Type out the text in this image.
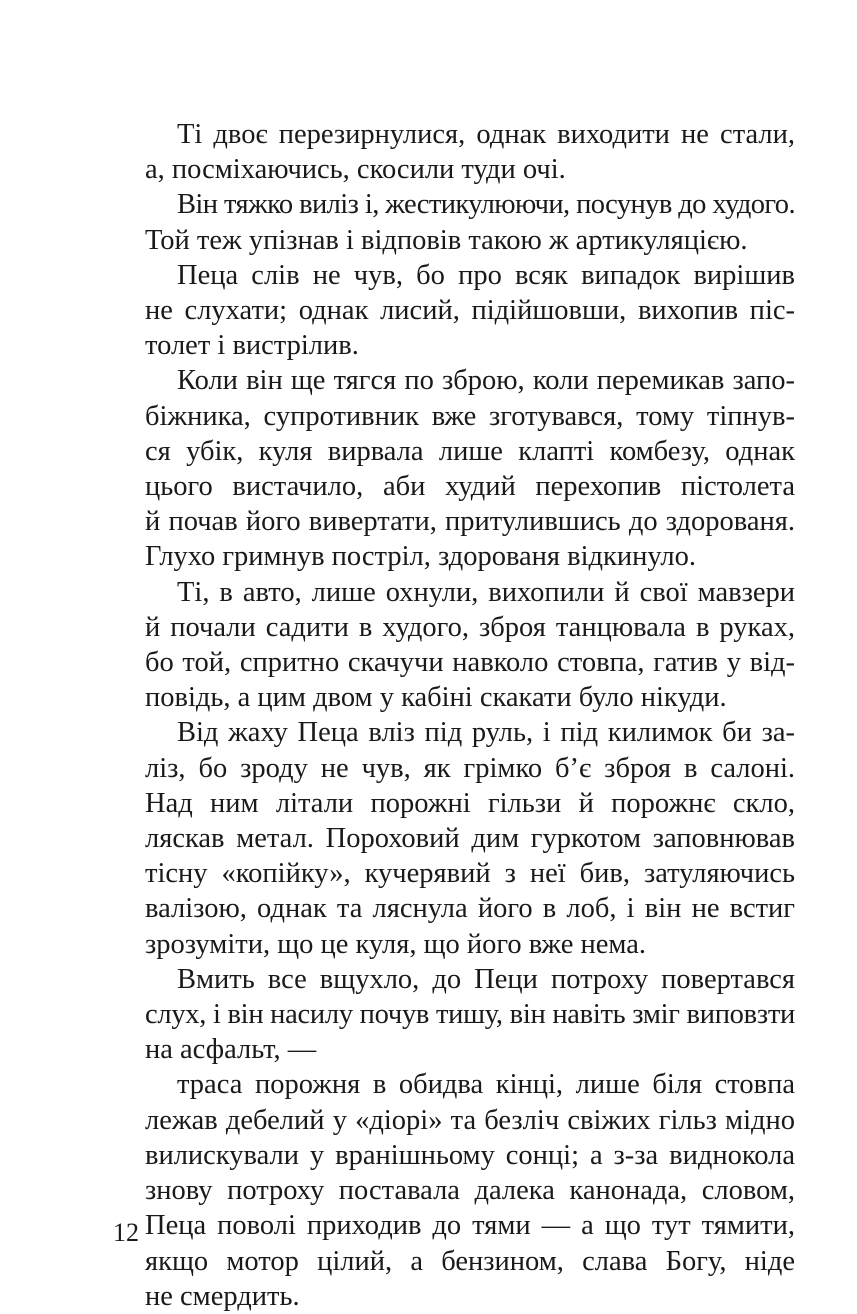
Ті двоє перезирнулися, однак виходити не стали,
а, посміхаючись, скосили туди очі.
Він тяжко виліз і, жестикулюючи, посунув до худого.
Той теж упізнав і відповів такою ж артикуляцією.
Пеца слів не чув, бо про всяк випадок вирішив
не слухати; однак лисий, підійшовши, вихопив піс-
толет і вистрілив.
Коли він ще тягся по зброю, коли перемикав запо-
біжника, супротивник вже зготувався, тому тіпнув-
ся убік, куля вирвала лише клапті комбезу, однак
цього вистачило, аби худий перехопив пістолета
й почав його вивертати, притулившись до здорованя.
Глухо гримнув постріл, здорованя відкинуло.
Ті, в авто, лише охнули, вихопили й свої мавзери
й почали садити в худого, зброя танцювала в руках,
бо той, спритно скачучи навколо стовпа, гатив у від-
повідь, а цим двом у кабіні скакати було нікуди.
Від жаху Пеца вліз під руль, і під килимок би за-
ліз, бо зроду не чув, як грімко б’є зброя в салоні.
Над ним літали порожні гільзи й порожнє скло,
ляскав метал. Пороховий дим гуркотом заповнював
тісну «копійку», кучерявий з неї бив, затуляючись
валізою, однак та ляснула його в лоб, і він не встиг
зрозуміти, що це куля, що його вже нема.
Вмить все вщухло, до Пеци потроху повертався
слух, і він насилу почув тишу, він навіть зміг виповзти
на асфальт, —
траса порожня в обидва кінці, лише біля стовпа
лежав дебелий у «діорі» та безліч свіжих гільз мідно
вилискували у вранішньому сонці; а з-за виднокола
знову потроху поставала далека канонада, словом,
Пеца поволі приходив до тями — а що тут тямити,
якщо мотор цілий, а бензином, слава Богу, ніде
не смердить.
12
